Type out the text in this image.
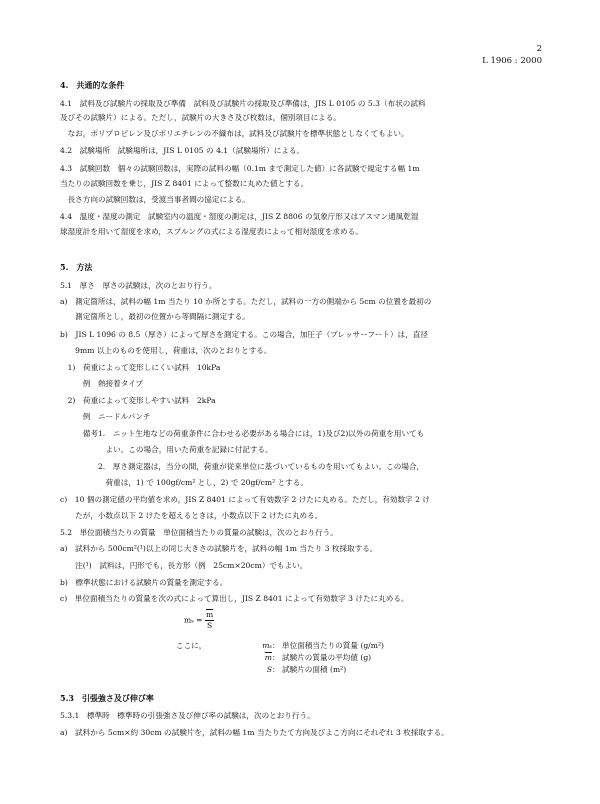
2
L 1906 : 2000
4.　共通的な条件
4.1　試料及び試験片の採取及び準備　試料及び試験片の採取及び準備は，JIS L 0105 の 5.3（布状の試料
及びその試験片）による。ただし，試験片の大きさ及び枚数は，個別項目による。
　なお，ポリプロピレン及びポリエチレンの不織布は，試料及び試験片を標準状態としなくてもよい。
4.2　試験場所　試験場所は，JIS L 0105 の 4.1（試験場所）による。
4.3　試験回数　個々の試験回数は，実際の試料の幅（0.1m まで測定した値）に各試験で規定する幅 1m
当たりの試験回数を乗じ，JIS Z 8401 によって整数に丸めた値とする。
　長さ方向の試験回数は，受渡当事者間の協定による。
4.4　温度・湿度の測定　試験室内の温度・湿度の測定は，JIS Z 8806 の気象庁形又はアスマン通風乾湿
球湿度計を用いて湿度を求め，スプルングの式による湿度表によって相対湿度を求める。
5.　方法
5.1　厚さ　厚さの試験は，次のとおり行う。
a)　測定箇所は，試料の幅 1m 当たり 10 か所とする。ただし，試料の一方の側端から 5cm の位置を最初の
　　測定箇所とし，最初の位置から等間隔に測定する。
b)　JIS L 1096 の 8.5（厚さ）によって厚さを測定する。この場合，加圧子（プレッサーフート）は，直径
　　9mm 以上のものを使用し，荷重は，次のとおりとする。
　1)　荷重によって変形しにくい試料　10kPa
　　　例　熱接着タイプ
　2)　荷重によって変形しやすい試料　2kPa
　　　例　ニードルパンチ
　　　備考1.　ニット生地などの荷重条件に合わせる必要がある場合には，1)及び2)以外の荷重を用いても
　　　　　　よい。この場合，用いた荷重を記録に付記する。
　　　　　2.　厚さ測定器は，当分の間，荷重が従来単位に基づいているものを用いてもよい。この場合，
　　　　　　荷重は，1) で 100gf/cm² とし，2) で 20gf/cm² とする。
c)　10 個の測定値の平均値を求め，JIS Z 8401 によって有効数字 2 けたに丸める。ただし，有効数字 2 け
　　たが，小数点以下 2 けたを超えるときは，小数点以下 2 けたに丸める。
5.2　単位面積当たりの質量　単位面積当たりの質量の試験は，次のとおり行う。
a)　試料から 500cm²(¹)以上の同じ大きさの試験片を，試料の幅 1m 当たり 3 枚採取する。
　　注(¹)　試料は，円形でも，長方形（例　25cm×20cm）でもよい。
b)　標準状態における試験片の質量を測定する。
c)　単位面積当たりの質量を次の式によって算出し，JIS Z 8401 によって有効数字 3 けたに丸める。
$m_s = \frac{\overline{m}}{S}$
ここに，	mₛ： 単位面積当たりの質量 (g/m²)
$\overline{m}$： 試験片の質量の平均値 (g)
S： 試験片の面積 (m²)
5.3　引張強さ及び伸び率
5.3.1　標準時　標準時の引張強さ及び伸び率の試験は，次のとおり行う。
a)　試料から 5cm×約 30cm の試験片を，試料の幅 1m 当たりたて方向及びよこ方向にそれぞれ 3 枚採取する。
